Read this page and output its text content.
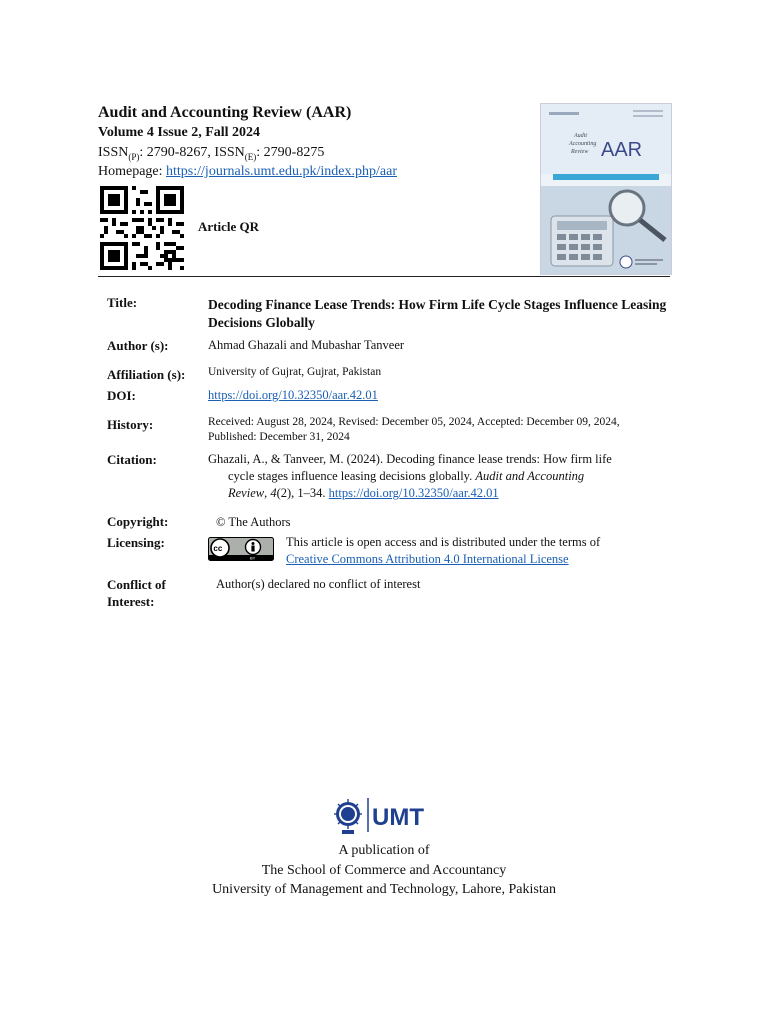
Audit and Accounting Review (AAR)
Volume 4 Issue 2, Fall 2024
$ISSN_{(P)}$: 2790-8267, $ISSN_{(E)}$: 2790-8275
Homepage: https://journals.umt.edu.pk/index.php/aar
Article QR
Audit
Accounting
Review AAR
Title:	Decoding Finance Lease Trends: How Firm Life Cycle Stages Influence Leasing Decisions Globally
Author (s):	Ahmad Ghazali and Mubashar Tanveer
Affiliation (s): University of Gujrat, Gujrat, Pakistan
DOI:	https://doi.org/10.32350/aar.42.01
History:	Received: August 28, 2024, Revised: December 05, 2024, Accepted: December 09, 2024, Published: December 31, 2024
Citation:	Ghazali, A., & Tanveer, M. (2024). Decoding finance lease trends: How firm life
cycle stages influence leasing decisions globally. Audit and Accounting
Review, 4(2), 1–34. https://doi.org/10.32350/aar.42.01
Copyright:	© The Authors
Licensing:	cc
BY
This article is open access and is distributed under the terms of
Creative Commons Attribution 4.0 International License
Conflict of
Interest:
Author(s) declared no conflict of interest
UMT
A publication of
The School of Commerce and Accountancy
University of Management and Technology, Lahore, Pakistan
